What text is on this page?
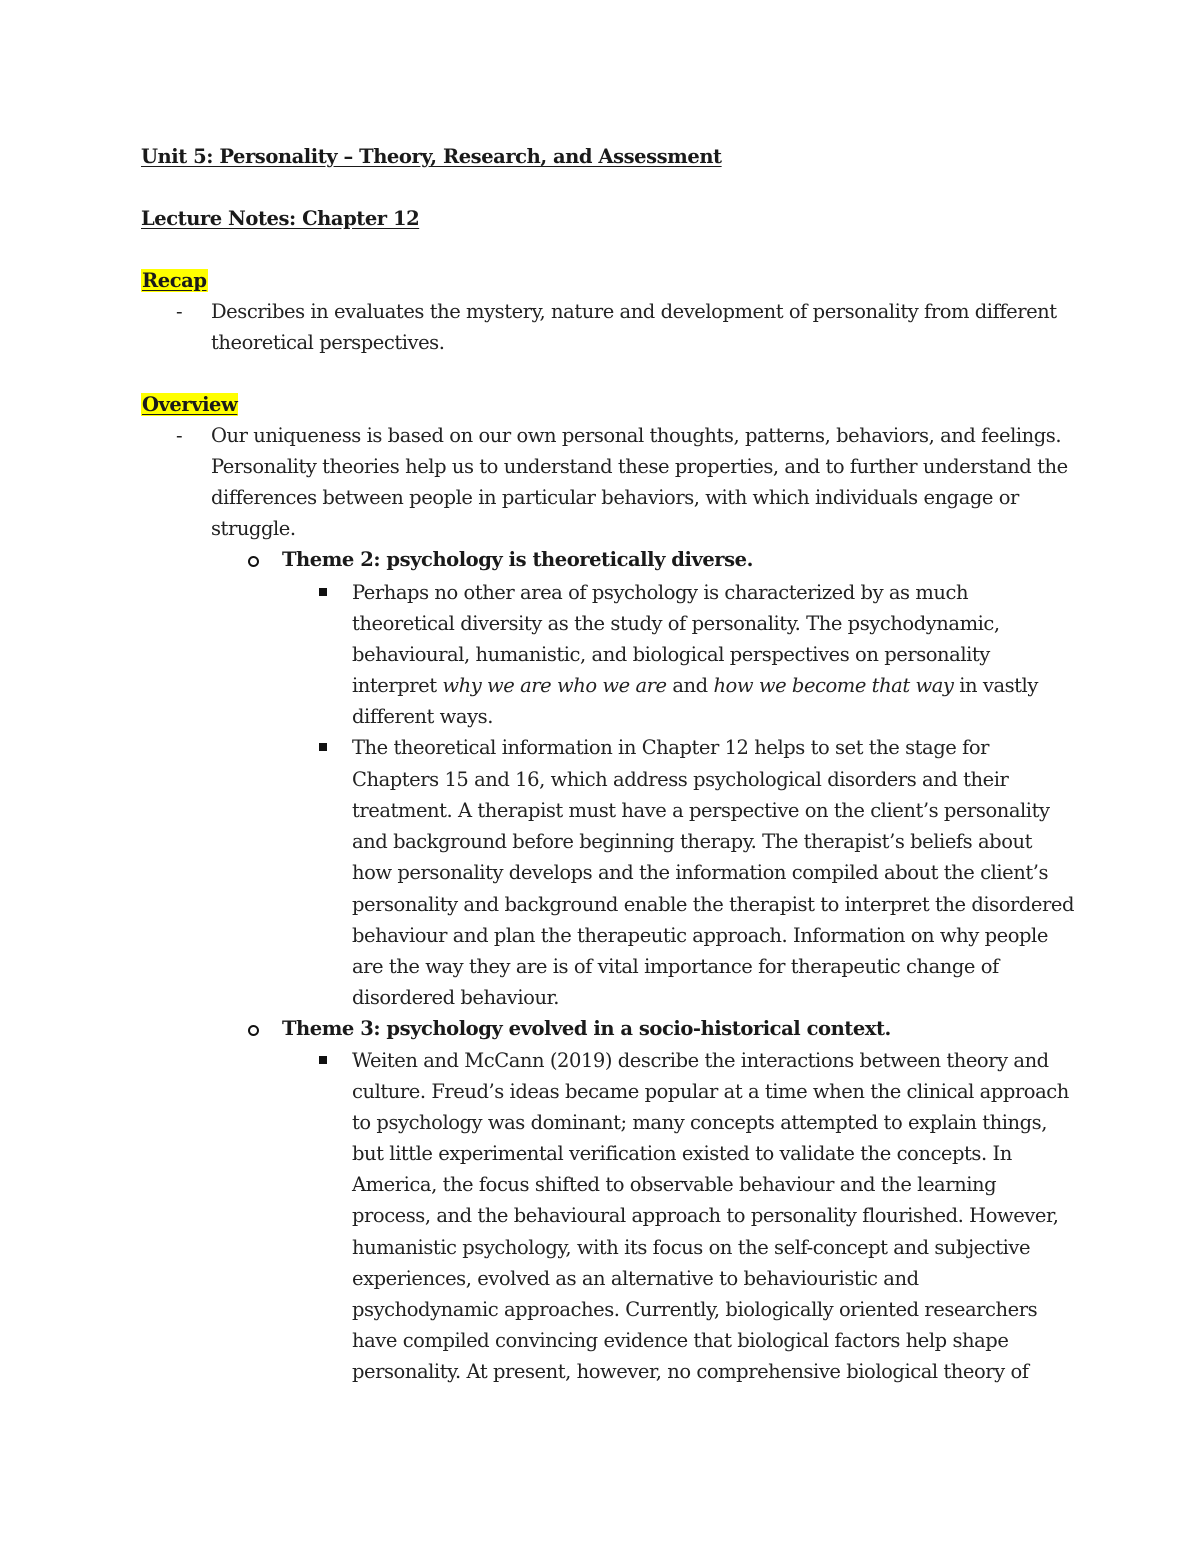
Unit 5: Personality – Theory, Research, and Assessment
Lecture Notes: Chapter 12
Recap
- Describes in evaluates the mystery, nature and development of personality from different
theoretical perspectives.
Overview
- Our uniqueness is based on our own personal thoughts, patterns, behaviors, and feelings.
Personality theories help us to understand these properties, and to further understand the
differences between people in particular behaviors, with which individuals engage or
struggle.
Theme 2: psychology is theoretically diverse.
Perhaps no other area of psychology is characterized by as much
theoretical diversity as the study of personality. The psychodynamic,
behavioural, humanistic, and biological perspectives on personality
interpret why we are who we are and how we become that way in vastly
different ways.
The theoretical information in Chapter 12 helps to set the stage for
Chapters 15 and 16, which address psychological disorders and their
treatment. A therapist must have a perspective on the client’s personality
and background before beginning therapy. The therapist’s beliefs about
how personality develops and the information compiled about the client’s
personality and background enable the therapist to interpret the disordered
behaviour and plan the therapeutic approach. Information on why people
are the way they are is of vital importance for therapeutic change of
disordered behaviour.
Theme 3: psychology evolved in a socio-historical context.
Weiten and McCann (2019) describe the interactions between theory and
culture. Freud’s ideas became popular at a time when the clinical approach
to psychology was dominant; many concepts attempted to explain things,
but little experimental verification existed to validate the concepts. In
America, the focus shifted to observable behaviour and the learning
process, and the behavioural approach to personality flourished. However,
humanistic psychology, with its focus on the self-concept and subjective
experiences, evolved as an alternative to behaviouristic and
psychodynamic approaches. Currently, biologically oriented researchers
have compiled convincing evidence that biological factors help shape
personality. At present, however, no comprehensive biological theory of
